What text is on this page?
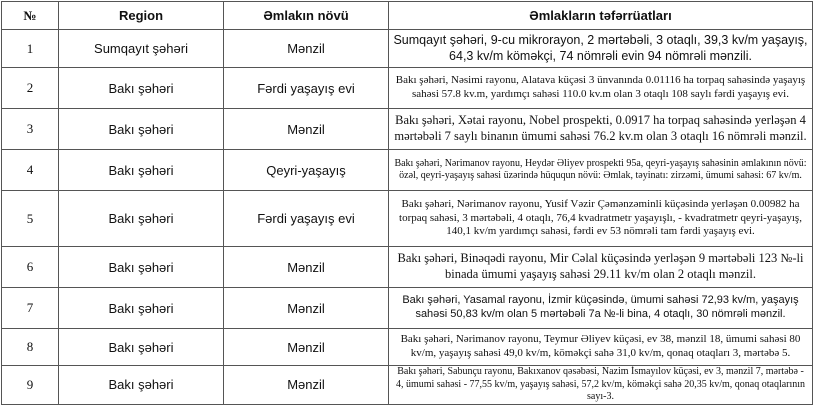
№	Region	Əmlakın növü	Əmlakların təfərrüatları
1	Sumqayıt şəhəri	Mənzil	Sumqayıt şəhəri, 9-cu mikrorayon, 2 mərtəbəli, 3 otaqlı, 39,3 kv/m yaşayış, 64,3 kv/m köməkçi, 74 nömrəli evin 94 nömrəli mənzili.
2	Bakı şəhəri	Fərdi yaşayış evi	Bakı şəhəri, Nəsimi rayonu, Alatava küçəsi 3 ünvanında 0.01116 ha torpaq sahəsində yaşayış sahəsi 57.8 kv.m, yardımçı sahəsi 110.0 kv.m olan 3 otaqlı 108 saylı fərdi yaşayış evi.
3	Bakı şəhəri	Mənzil	Bakı şəhəri, Xətai rayonu, Nobel prospekti, 0.0917 ha torpaq sahəsində yerləşən 4 mərtəbəli 7 saylı binanın ümumi sahəsi 76.2 kv.m olan 3 otaqlı 16 nömrəli mənzil.
4	Bakı şəhəri	Qeyri-yaşayış	Bakı şəhəri, Nərimanov rayonu, Heydər Əliyev prospekti 95a, qeyri-yaşayış sahəsinin əmlakının növü: özəl, qeyri-yaşayış sahəsi üzərində hüququn növü: Əmlak, təyinatı: zirzəmi, ümumi sahəsi: 67 kv/m.
5	Bakı şəhəri	Fərdi yaşayış evi	Bakı şəhəri, Nərimanov rayonu, Yusif Vəzir Çəmənzəminli küçəsində yerləşən 0.00982 ha torpaq sahəsi, 3 mərtəbəli, 4 otaqlı, 76,4 kvadratmetr yaşayışlı, - kvadratmetr qeyri-yaşayış, 140,1 kv/m yardımçı sahəsi, fərdi ev 53 nömrəli tam fərdi yaşayış evi.
6	Bakı şəhəri	Mənzil	Bakı şəhəri, Binəqədi rayonu, Mir Cəlal küçəsində yerləşən 9 mərtəbəli 123 №-li binada ümumi yaşayış sahəsi 29.11 kv/m olan 2 otaqlı mənzil.
7	Bakı şəhəri	Mənzil	Bakı şəhəri, Yasamal rayonu, İzmir küçəsində, ümumi sahəsi 72,93 kv/m, yaşayış sahəsi 50,83 kv/m olan 5 mərtəbəli 7a №-li bina, 4 otaqlı, 30 nömrəli mənzil.
8	Bakı şəhəri	Mənzil	Bakı şəhəri, Nərimanov rayonu, Teymur Əliyev küçəsi, ev 38, mənzil 18, ümumi sahəsi 80 kv/m, yaşayış sahəsi 49,0 kv/m, köməkçi sahə 31,0 kv/m, qonaq otaqları 3, mərtəbə 5.
9	Bakı şəhəri	Mənzil	Bakı şəhəri, Sabunçu rayonu, Bakıxanov qəsəbəsi, Nazim İsmayılov küçəsi, ev 3, mənzil 7, mərtəbə - 4, ümumi sahəsi - 77,55 kv/m, yaşayış sahəsi, 57,2 kv/m, köməkçi sahə 20,35 kv/m, qonaq otaqlarının sayı-3.
